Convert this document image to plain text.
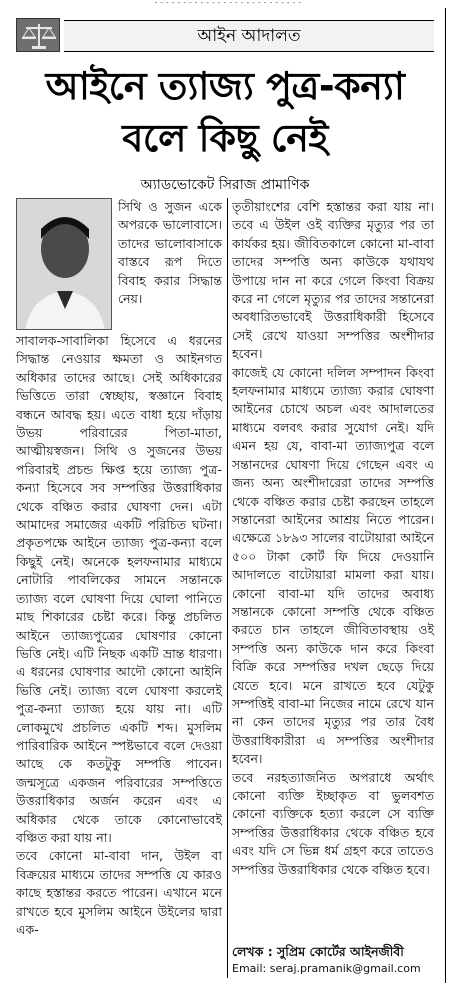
- - - - - - - - - - - - - - - - - - - - - - - - - -
আইন আদালত
আইনে ত্যাজ্য পুত্র-কন্যা
বলে কিছু নেই
অ্যাডভোকেট সিরাজ প্রামাণিক

সিথি ও সুজন একে অপরকে ভালোবাসে। তাদের ভালোবাসাকে বাস্তবে রূপ দিতে বিবাহ করার সিদ্ধান্ত নেয়।

সাবালক-সাবালিকা হিসেবে এ ধরনের সিদ্ধান্ত নেওয়ার ক্ষমতা ও আইনগত অধিকার তাদের আছে। সেই অধিকারের ভিত্তিতে তারা স্বেচ্ছায়, স্বজ্ঞানে বিবাহ বন্ধনে আবদ্ধ হয়। এতে বাধা হয়ে দাঁড়ায় উভয় পরিবারের পিতা-মাতা, আত্মীয়স্বজন। সিথি ও সুজনের উভয় পরিবারই প্রচন্ড ক্ষিপ্ত হয়ে ত্যাজ্য পুত্র-কন্যা হিসেবে সব সম্পত্তির উত্তরাধিকার থেকে বঞ্চিত করার ঘোষণা দেন। এটা আমাদের সমাজের একটি পরিচিত ঘটনা। প্রকৃতপক্ষে আইনে ত্যাজ্য পুত্র-কন্যা বলে কিছুই নেই। অনেকে হলফনামার মাধ্যমে নোটারি পাবলিকের সামনে সন্তানকে ত্যাজ্য বলে ঘোষণা দিয়ে ঘোলা পানিতে মাছ শিকারের চেষ্টা করে। কিন্তু প্রচলিত আইনে ত্যাজ্যপুত্রের ঘোষণার কোনো ভিত্তি নেই। এটি নিছক একটি ভ্রান্ত ধারণা। এ ধরনের ঘোষণার আদৌ কোনো আইনি ভিত্তি নেই। ত্যাজ্য বলে ঘোষণা করলেই পুত্র-কন্যা ত্যাজ্য হয়ে যায় না। এটি লোকমুখে প্রচলিত একটি শব্দ। মুসলিম পারিবারিক আইনে স্পষ্টভাবে বলে দেওয়া আছে কে কতটুকু সম্পত্তি পাবেন। জন্মসূত্রে একজন পরিবারের সম্পত্তিতে উত্তরাধিকার অর্জন করেন এবং এ অধিকার থেকে তাকে কোনোভাবেই বঞ্চিত করা যায় না।

তবে কোনো মা-বাবা দান, উইল বা বিক্রয়ের মাধ্যমে তাদের সম্পত্তি যে কারও কাছে হস্তান্তর করতে পারেন। এখানে মনে রাখতে হবে মুসলিম আইনে উইলের দ্বারা এক-

তৃতীয়াংশের বেশি হস্তান্তর করা যায় না। তবে এ উইল ওই ব্যক্তির মৃত্যুর পর তা কার্যকর হয়। জীবিতকালে কোনো মা-বাবা তাদের সম্পত্তি অন্য কাউকে যথাযথ উপায়ে দান না করে গেলে কিংবা বিক্রয় করে না গেলে মৃত্যুর পর তাদের সন্তানেরা অবধারিতভাবেই উত্তরাধিকারী হিসেবে সেই রেখে যাওয়া সম্পত্তির অংশীদার হবেন।

কাজেই যে কোনো দলিল সম্পাদন কিংবা হলফনামার মাধ্যমে ত্যাজ্য করার ঘোষণা আইনের চোখে অচল এবং আদালতের মাধ্যমে বলবৎ করার সুযোগ নেই। যদি এমন হয় যে, বাবা-মা ত্যাজ্যপুত্র বলে সন্তানদের ঘোষণা দিয়ে গেছেন এবং এ জন্য অন্য অংশীদারেরা তাদের সম্পত্তি থেকে বঞ্চিত করার চেষ্টা করছেন তাহলে সন্তানেরা আইনের আশ্রয় নিতে পারেন। এক্ষেত্রে ১৮৯৩ সালের বাটোয়ারা আইনে ৫০০ টাকা কোর্ট ফি দিয়ে দেওয়ানি আদালতে বাটোয়ারা মামলা করা যায়। কোনো বাবা-মা যদি তাদের অবাধ্য সন্তানকে কোনো সম্পত্তি থেকে বঞ্চিত করতে চান তাহলে জীবিতাবস্থায় ওই সম্পত্তি অন্য কাউকে দান করে কিংবা বিক্রি করে সম্পত্তির দখল ছেড়ে দিয়ে যেতে হবে। মনে রাখতে হবে যেটুকু সম্পত্তিই বাবা-মা নিজের নামে রেখে যান না কেন তাদের মৃত্যুর পর তার বৈধ উত্তরাধিকারীরা এ সম্পত্তির অংশীদার হবেন।

তবে নরহত্যাজনিত অপরাধে অর্থাৎ কোনো ব্যক্তি ইচ্ছাকৃত বা ভুলবশত কোনো ব্যক্তিকে হত্যা করলে সে ব্যক্তি সম্পত্তির উত্তরাধিকার থেকে বঞ্চিত হবে এবং যদি সে ভিন্ন ধর্ম গ্রহণ করে তাতেও সম্পত্তির উত্তরাধিকার থেকে বঞ্চিত হবে।

লেখক : সুপ্রিম কোর্টের আইনজীবী
Email: seraj.pramanik@gmail.com
